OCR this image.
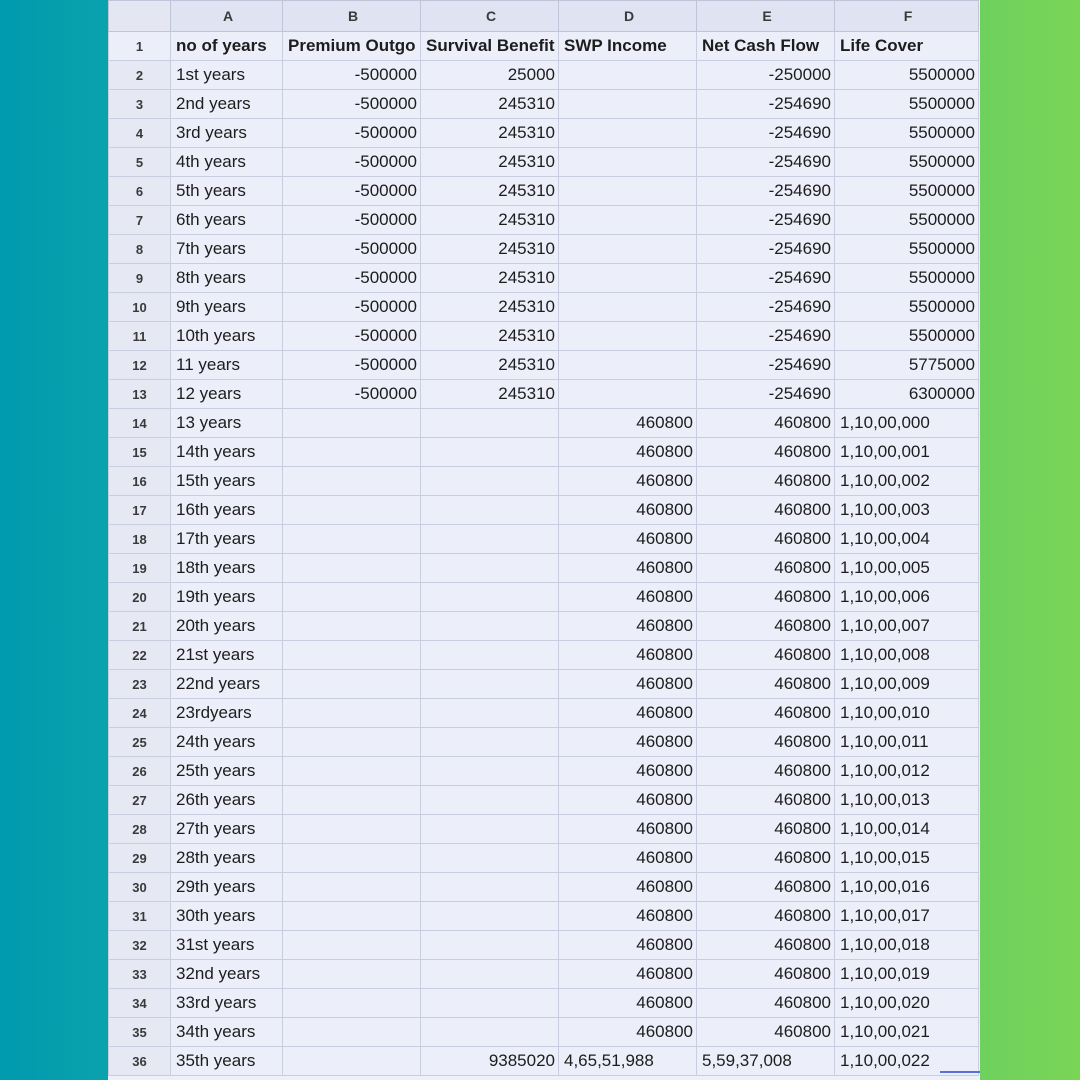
	A	B	C	D	E	F
1	no of years	Premium Outgo	Survival Benefit	SWP Income	Net Cash Flow	Life Cover
2	1st years	-500000	25000		-250000	5500000
3	2nd years	-500000	245310		-254690	5500000
4	3rd years	-500000	245310		-254690	5500000
5	4th years	-500000	245310		-254690	5500000
6	5th years	-500000	245310		-254690	5500000
7	6th years	-500000	245310		-254690	5500000
8	7th years	-500000	245310		-254690	5500000
9	8th years	-500000	245310		-254690	5500000
10	9th years	-500000	245310		-254690	5500000
11	10th years	-500000	245310		-254690	5500000
12	11 years	-500000	245310		-254690	5775000
13	12 years	-500000	245310		-254690	6300000
14	13 years			460800	460800	1,10,00,000
15	14th years			460800	460800	1,10,00,001
16	15th years			460800	460800	1,10,00,002
17	16th years			460800	460800	1,10,00,003
18	17th years			460800	460800	1,10,00,004
19	18th years			460800	460800	1,10,00,005
20	19th years			460800	460800	1,10,00,006
21	20th years			460800	460800	1,10,00,007
22	21st years			460800	460800	1,10,00,008
23	22nd years			460800	460800	1,10,00,009
24	23rdyears			460800	460800	1,10,00,010
25	24th years			460800	460800	1,10,00,011
26	25th years			460800	460800	1,10,00,012
27	26th years			460800	460800	1,10,00,013
28	27th years			460800	460800	1,10,00,014
29	28th years			460800	460800	1,10,00,015
30	29th years			460800	460800	1,10,00,016
31	30th years			460800	460800	1,10,00,017
32	31st years			460800	460800	1,10,00,018
33	32nd years			460800	460800	1,10,00,019
34	33rd years			460800	460800	1,10,00,020
35	34th years			460800	460800	1,10,00,021
36	35th years		9385020	4,65,51,988	5,59,37,008	1,10,00,022
